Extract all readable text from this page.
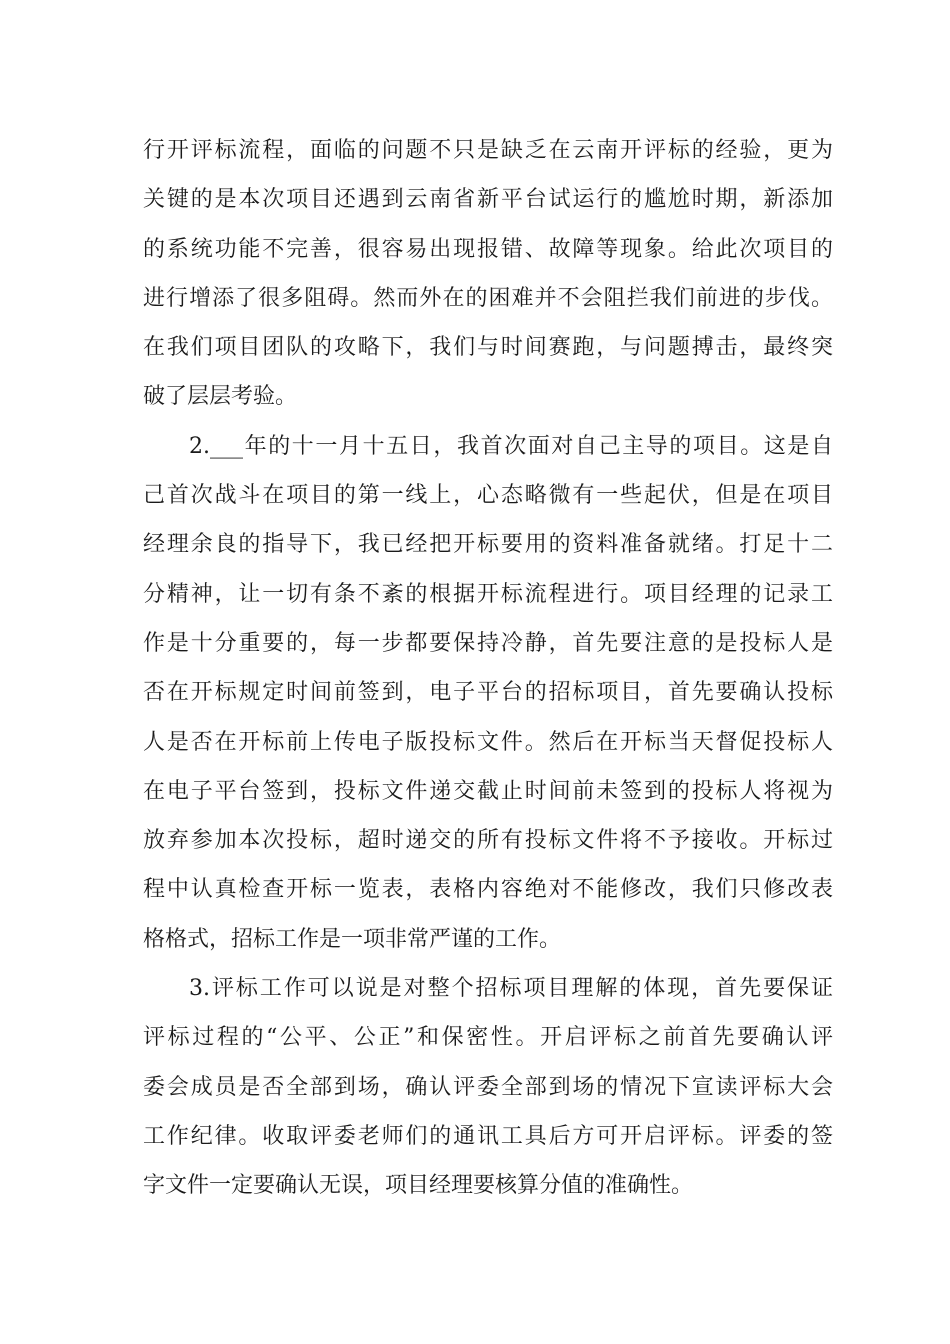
行开评标流程，面临的问题不只是缺乏在云南开评标的经验，更为
关键的是本次项目还遇到云南省新平台试运行的尴尬时期，新添加
的系统功能不完善，很容易出现报错、故障等现象。给此次项目的
进行增添了很多阻碍。然而外在的困难并不会阻拦我们前进的步伐。
在我们项目团队的攻略下，我们与时间赛跑，与问题搏击，最终突
破了层层考验。
2.___年的十一月十五日，我首次面对自己主导的项目。这是自
己首次战斗在项目的第一线上，心态略微有一些起伏，但是在项目
经理余良的指导下，我已经把开标要用的资料准备就绪。打足十二
分精神，让一切有条不紊的根据开标流程进行。项目经理的记录工
作是十分重要的，每一步都要保持冷静，首先要注意的是投标人是
否在开标规定时间前签到，电子平台的招标项目，首先要确认投标
人是否在开标前上传电子版投标文件。然后在开标当天督促投标人
在电子平台签到，投标文件递交截止时间前未签到的投标人将视为
放弃参加本次投标，超时递交的所有投标文件将不予接收。开标过
程中认真检查开标一览表，表格内容绝对不能修改，我们只修改表
格格式，招标工作是一项非常严谨的工作。
3.评标工作可以说是对整个招标项目理解的体现，首先要保证
评标过程的“公平、公正”和保密性。开启评标之前首先要确认评
委会成员是否全部到场，确认评委全部到场的情况下宣读评标大会
工作纪律。收取评委老师们的通讯工具后方可开启评标。评委的签
字文件一定要确认无误，项目经理要核算分值的准确性。
